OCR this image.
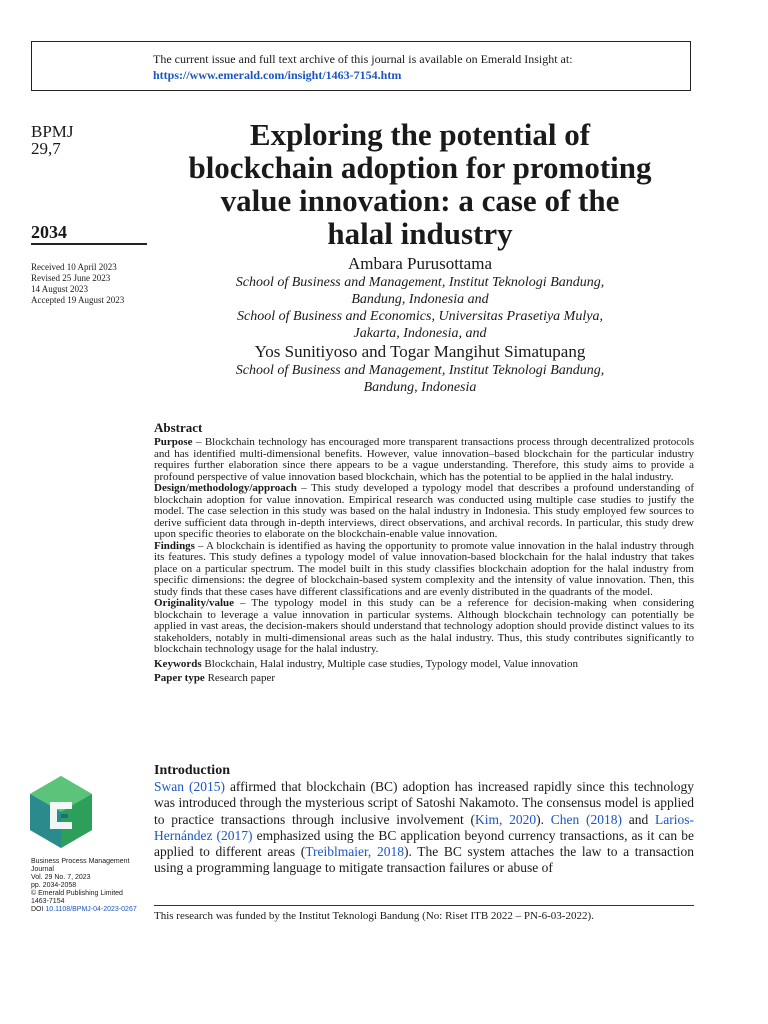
The current issue and full text archive of this journal is available on Emerald Insight at:
https://www.emerald.com/insight/1463-7154.htm
BPMJ
29,7
2034
Received 10 April 2023
Revised 25 June 2023
14 August 2023
Accepted 19 August 2023
Exploring the potential of
blockchain adoption for promoting
value innovation: a case of the
halal industry
Ambara Purusottama
School of Business and Management, Institut Teknologi Bandung,
Bandung, Indonesia and
School of Business and Economics, Universitas Prasetiya Mulya,
Jakarta, Indonesia, and
Yos Sunitiyoso and Togar Mangihut Simatupang
School of Business and Management, Institut Teknologi Bandung,
Bandung, Indonesia
Abstract

Purpose – Blockchain technology has encouraged more transparent transactions process through decentralized protocols and has identified multi-dimensional benefits. However, value innovation–based blockchain for the particular industry requires further elaboration since there appears to be a vague understanding. Therefore, this study aims to provide a profound perspective of value innovation based blockchain, which has the potential to be applied in the halal industry.

Design/methodology/approach – This study developed a typology model that describes a profound understanding of blockchain adoption for value innovation. Empirical research was conducted using multiple case studies to justify the model. The case selection in this study was based on the halal industry in Indonesia. This study employed few sources to derive sufficient data through in-depth interviews, direct observations, and archival records. In particular, this study drew upon specific theories to elaborate on the blockchain-enable value innovation.

Findings – A blockchain is identified as having the opportunity to promote value innovation in the halal industry through its features. This study defines a typology model of value innovation-based blockchain for the halal industry that takes place on a particular spectrum. The model built in this study classifies blockchain adoption for the halal industry from specific dimensions: the degree of blockchain-based system complexity and the intensity of value innovation. Then, this study finds that these cases have different classifications and are evenly distributed in the quadrants of the model.

Originality/value – The typology model in this study can be a reference for decision-making when considering blockchain to leverage a value innovation in particular systems. Although blockchain technology can potentially be applied in vast areas, the decision-makers should understand that technology adoption should provide distinct values to its stakeholders, notably in multi-dimensional areas such as the halal industry. Thus, this study contributes significantly to blockchain technology usage for the halal industry.

Keywords Blockchain, Halal industry, Multiple case studies, Typology model, Value innovation

Paper type Research paper

Introduction

Swan (2015) affirmed that blockchain (BC) adoption has increased rapidly since this technology was introduced through the mysterious script of Satoshi Nakamoto. The consensus model is applied to practice transactions through inclusive involvement (Kim, 2020). Chen (2018) and Larios-Hernández (2017) emphasized using the BC application beyond currency transactions, as it can be applied to different areas (Treiblmaier, 2018). The BC system attaches the law to a transaction using a programming language to mitigate transaction failures or abuse of

Business Process Management
Journal
Vol. 29 No. 7, 2023
pp. 2034-2058
© Emerald Publishing Limited
1463-7154
DOI 10.1108/BPMJ-04-2023-0267
This research was funded by the Institut Teknologi Bandung (No: Riset ITB 2022 – PN-6-03-2022).
